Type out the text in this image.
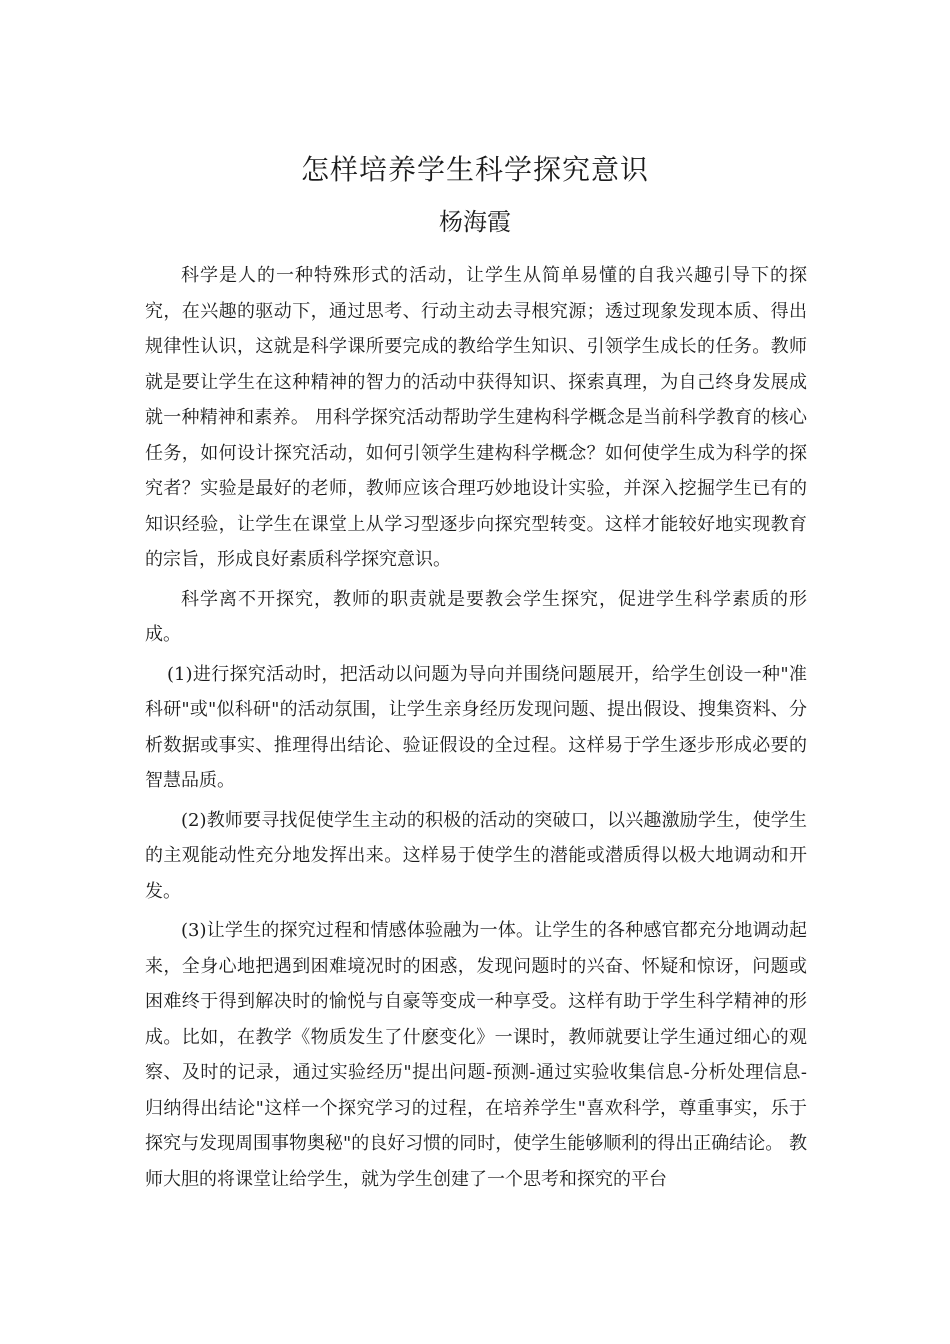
怎样培养学生科学探究意识
杨海霞

科学是人的一种特殊形式的活动，让学生从简单易懂的自我兴趣引导下的探究，在兴趣的驱动下，通过思考、行动主动去寻根究源；透过现象发现本质、得出规律性认识，这就是科学课所要完成的教给学生知识、引领学生成长的任务。教师就是要让学生在这种精神的智力的活动中获得知识、探索真理，为自己终身发展成就一种精神和素养。 用科学探究活动帮助学生建构科学概念是当前科学教育的核心任务，如何设计探究活动，如何引领学生建构科学概念？如何使学生成为科学的探究者？实验是最好的老师，教师应该合理巧妙地设计实验，并深入挖掘学生已有的知识经验，让学生在课堂上从学习型逐步向探究型转变。这样才能较好地实现教育的宗旨，形成良好素质科学探究意识。

科学离不开探究，教师的职责就是要教会学生探究，促进学生科学素质的形成。

(1)进行探究活动时，把活动以问题为导向并围绕问题展开，给学生创设一种"准科研"或"似科研"的活动氛围，让学生亲身经历发现问题、提出假设、搜集资料、分析数据或事实、推理得出结论、验证假设的全过程。这样易于学生逐步形成必要的智慧品质。

(2)教师要寻找促使学生主动的积极的活动的突破口，以兴趣激励学生，使学生的主观能动性充分地发挥出来。这样易于使学生的潜能或潜质得以极大地调动和开发。

(3)让学生的探究过程和情感体验融为一体。让学生的各种感官都充分地调动起来，全身心地把遇到困难境况时的困惑，发现问题时的兴奋、怀疑和惊讶，问题或困难终于得到解决时的愉悦与自豪等变成一种享受。这样有助于学生科学精神的形成。比如，在教学《物质发生了什麽变化》一课时，教师就要让学生通过细心的观察、及时的记录，通过实验经历"提出问题-预测-通过实验收集信息-分析处理信息-归纳得出结论"这样一个探究学习的过程，在培养学生"喜欢科学，尊重事实，乐于探究与发现周围事物奥秘"的良好习惯的同时，使学生能够顺利的得出正确结论。 教师大胆的将课堂让给学生，就为学生创建了一个思考和探究的平台
